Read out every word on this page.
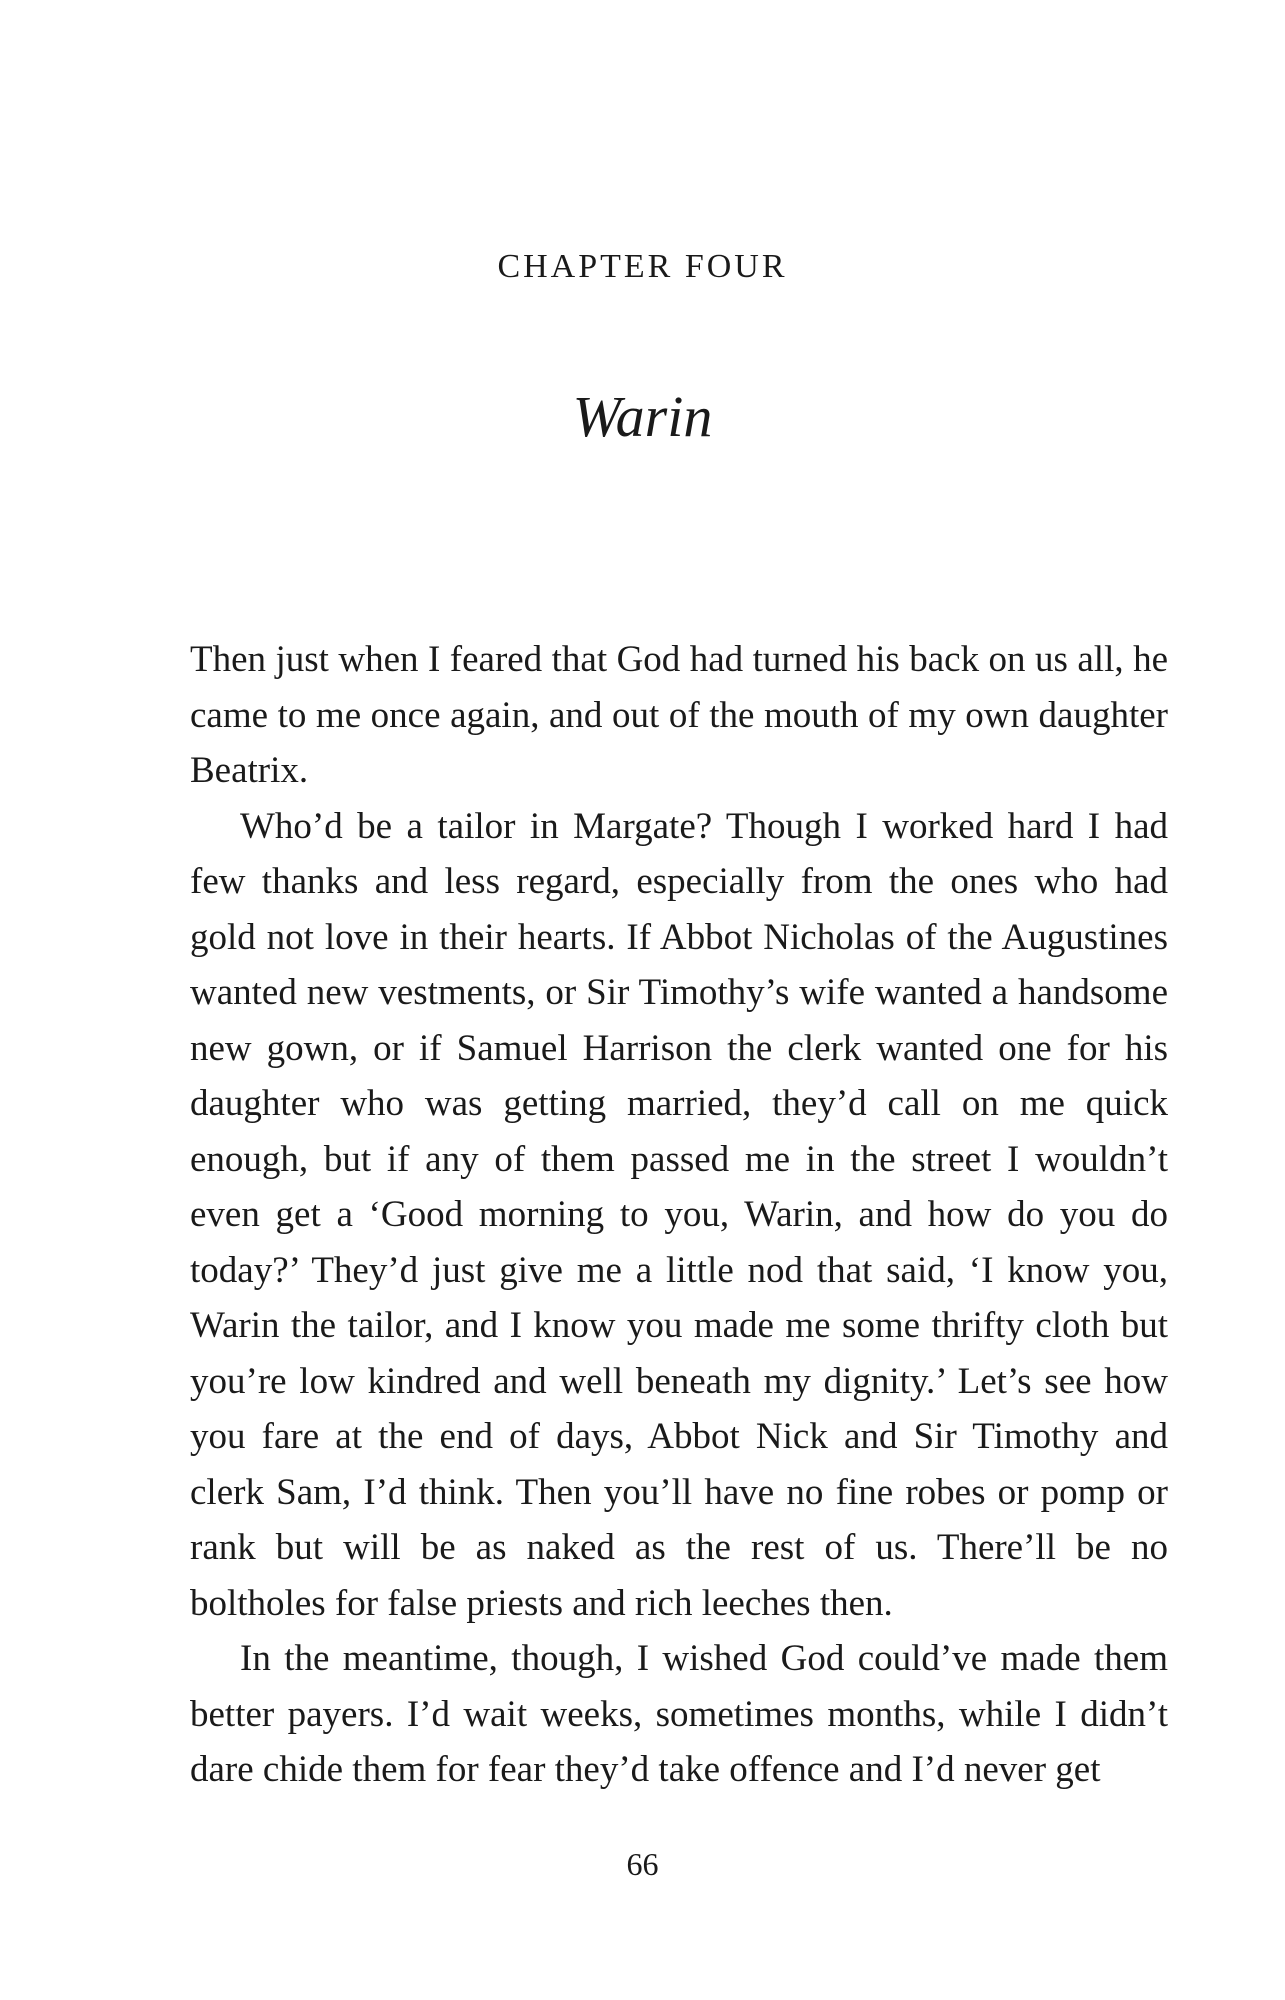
CHAPTER FOUR
Warin

Then just when I feared that God had turned his back on us all, he came to me once again, and out of the mouth of my own daughter Beatrix.

Who’d be a tailor in Margate? Though I worked hard I had few thanks and less regard, especially from the ones who had gold not love in their hearts. If Abbot Nicholas of the Augustines wanted new vestments, or Sir Timothy’s wife wanted a handsome new gown, or if Samuel Harrison the clerk wanted one for his daughter who was getting married, they’d call on me quick enough, but if any of them passed me in the street I wouldn’t even get a ‘Good morning to you, Warin, and how do you do today?’ They’d just give me a little nod that said, ‘I know you, Warin the tailor, and I know you made me some thrifty cloth but you’re low kindred and well beneath my dignity.’ Let’s see how you fare at the end of days, Abbot Nick and Sir Timothy and clerk Sam, I’d think. Then you’ll have no fine robes or pomp or rank but will be as naked as the rest of us. There’ll be no boltholes for false priests and rich leeches then.

In the meantime, though, I wished God could’ve made them better payers. I’d wait weeks, sometimes months, while I didn’t dare chide them for fear they’d take offence and I’d never get

66
